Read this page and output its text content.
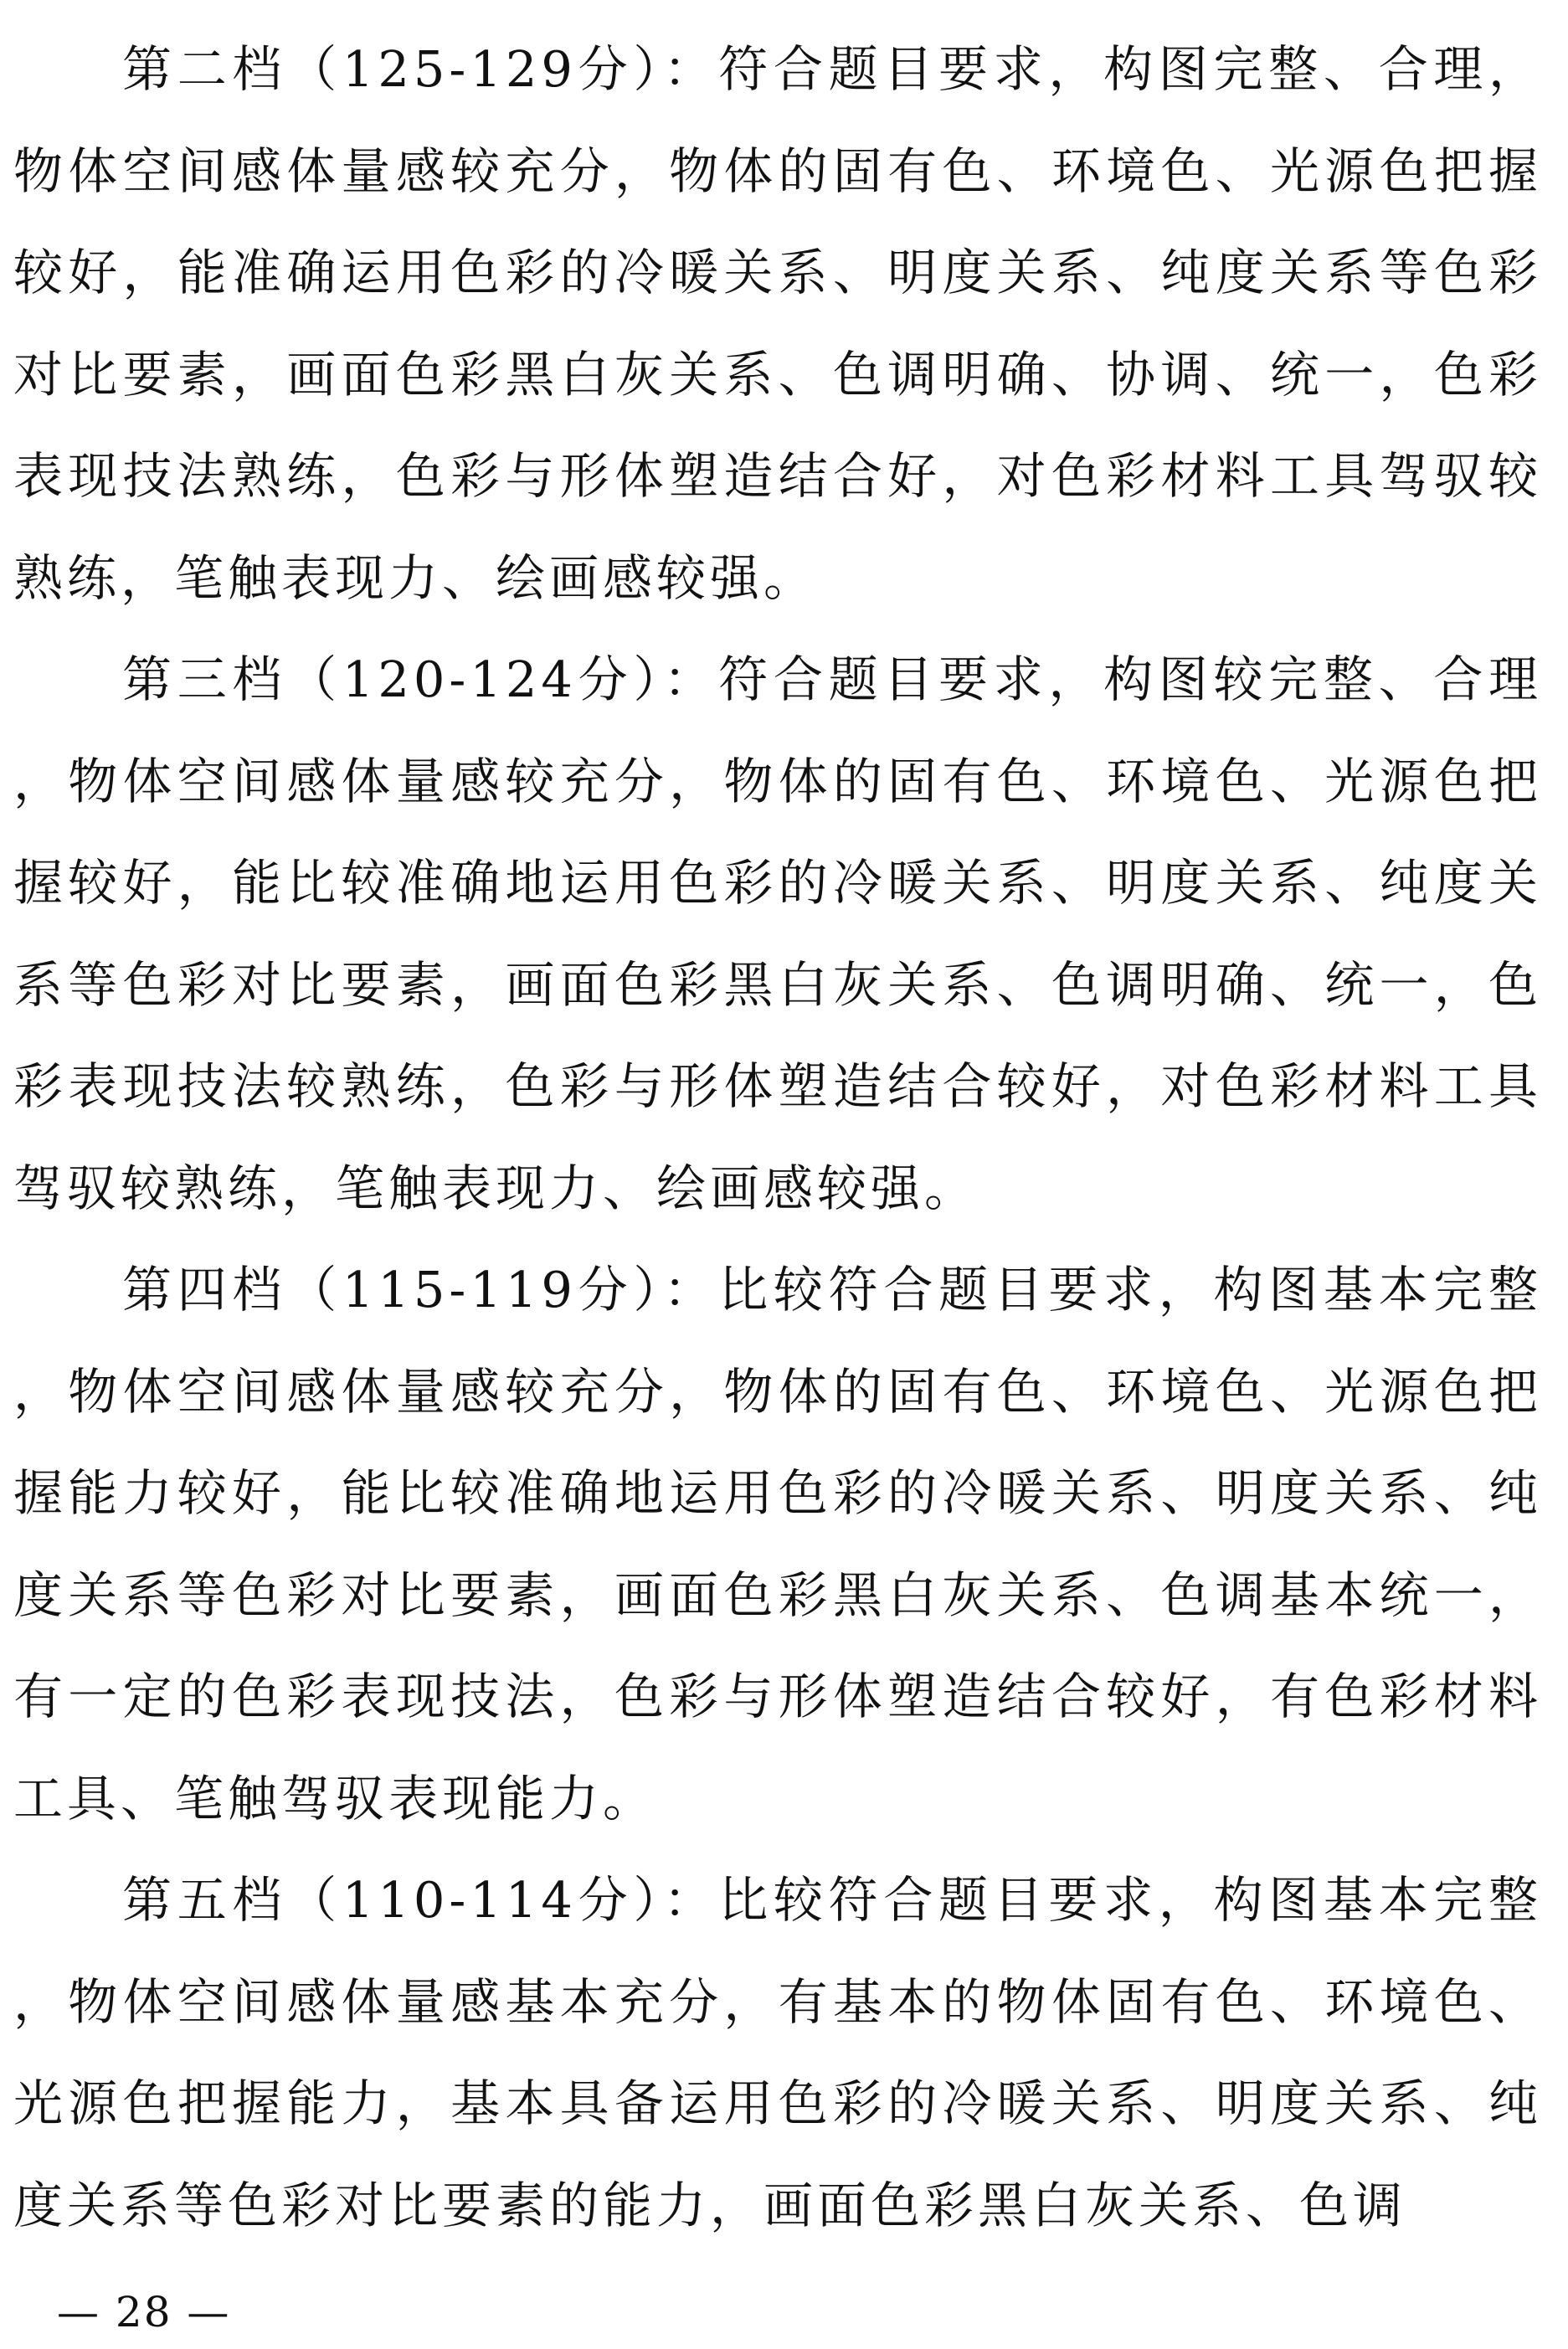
第二档（125-129分）：符合题目要求，构图完整、合理，物体空间感体量感较充分，物体的固有色、环境色、光源色把握较好，能准确运用色彩的冷暖关系、明度关系、纯度关系等色彩对比要素，画面色彩黑白灰关系、色调明确、协调、统一，色彩表现技法熟练，色彩与形体塑造结合好，对色彩材料工具驾驭较熟练，笔触表现力、绘画感较强。

第三档（120-124分）：符合题目要求，构图较完整、合理，物体空间感体量感较充分，物体的固有色、环境色、光源色把握较好，能比较准确地运用色彩的冷暖关系、明度关系、纯度关系等色彩对比要素，画面色彩黑白灰关系、色调明确、统一，色彩表现技法较熟练，色彩与形体塑造结合较好，对色彩材料工具驾驭较熟练，笔触表现力、绘画感较强。

第四档（115-119分）：比较符合题目要求，构图基本完整，物体空间感体量感较充分，物体的固有色、环境色、光源色把握能力较好，能比较准确地运用色彩的冷暖关系、明度关系、纯度关系等色彩对比要素，画面色彩黑白灰关系、色调基本统一，有一定的色彩表现技法，色彩与形体塑造结合较好，有色彩材料工具、笔触驾驭表现能力。

第五档（110-114分）：比较符合题目要求，构图基本完整，物体空间感体量感基本充分，有基本的物体固有色、环境色、光源色把握能力，基本具备运用色彩的冷暖关系、明度关系、纯度关系等色彩对比要素的能力，画面色彩黑白灰关系、色调

— 28 —
